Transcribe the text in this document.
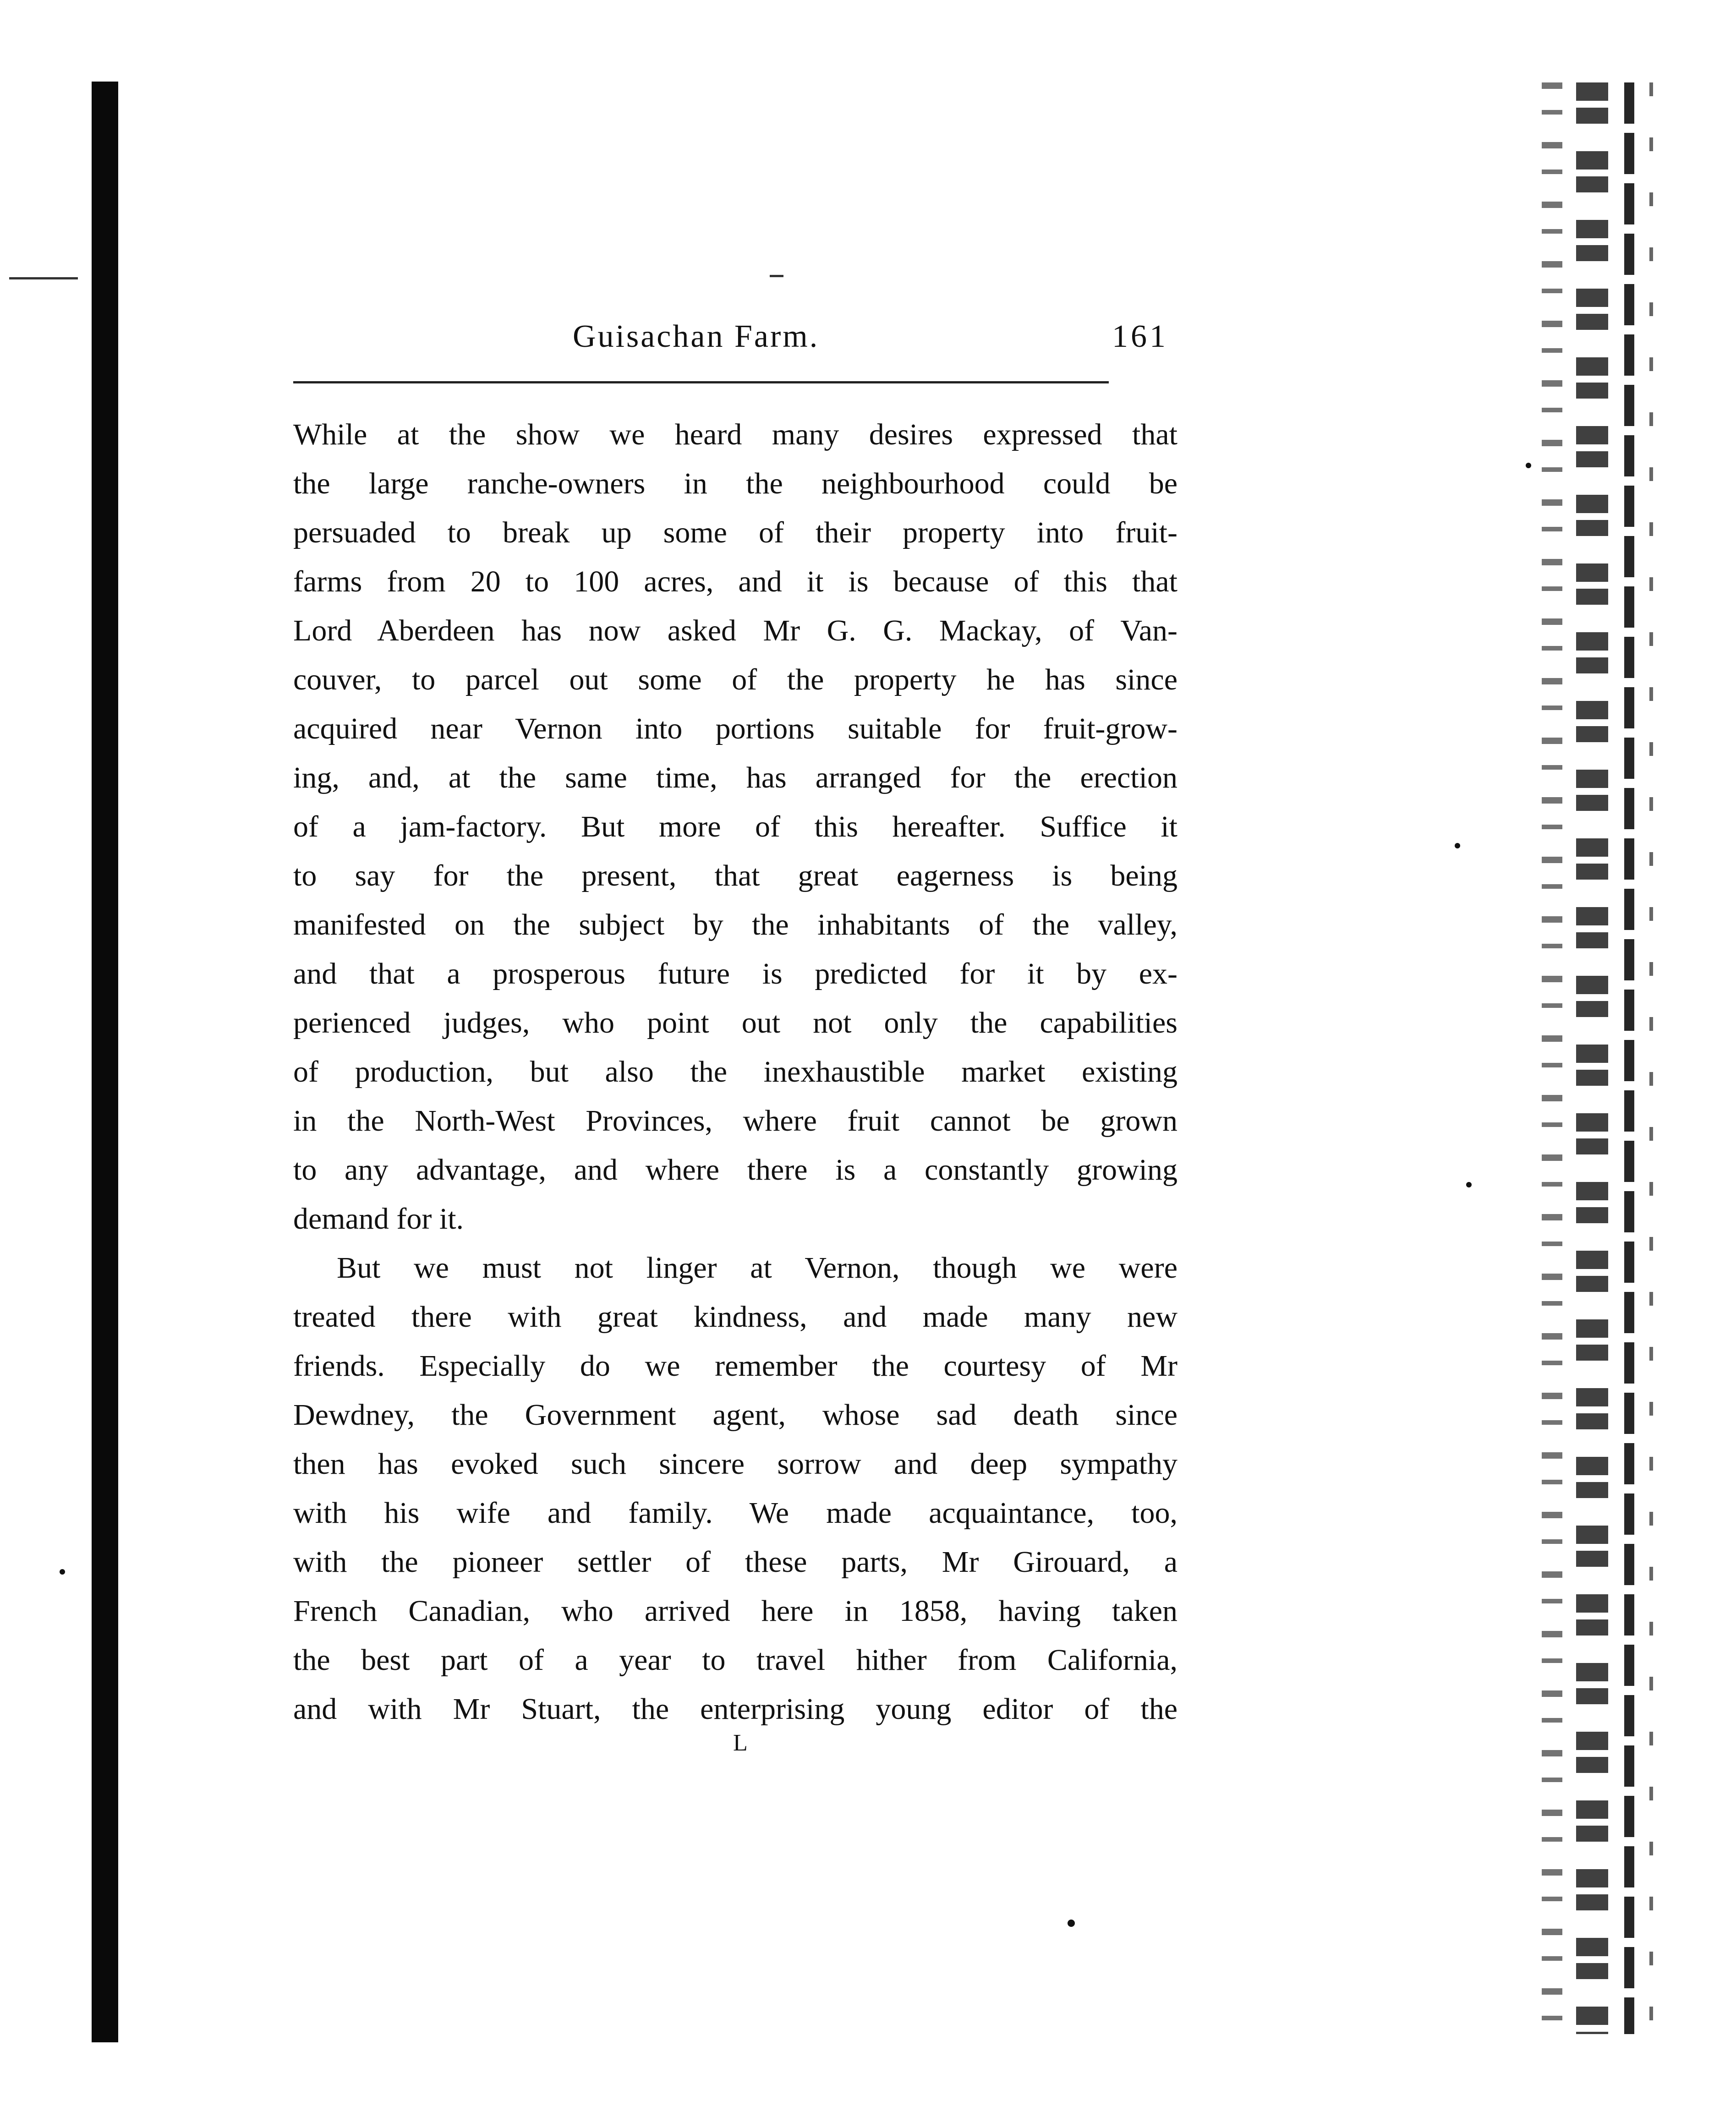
Guisachan Farm.	161
While at the show we heard many desires expressed that
the large ranche-owners in the neighbourhood could be
persuaded to break up some of their property into fruit-
farms from 20 to 100 acres, and it is because of this that
Lord Aberdeen has now asked Mr G. G. Mackay, of Van-
couver, to parcel out some of the property he has since
acquired near Vernon into portions suitable for fruit-grow-
ing, and, at the same time, has arranged for the erection
of a jam-factory. But more of this hereafter. Suffice it
to say for the present, that great eagerness is being
manifested on the subject by the inhabitants of the valley,
and that a prosperous future is predicted for it by ex-
perienced judges, who point out not only the capabilities
of production, but also the inexhaustible market existing
in the North-West Provinces, where fruit cannot be grown
to any advantage, and where there is a constantly growing
demand for it.
But we must not linger at Vernon, though we were
treated there with great kindness, and made many new
friends. Especially do we remember the courtesy of Mr
Dewdney, the Government agent, whose sad death since
then has evoked such sincere sorrow and deep sympathy
with his wife and family. We made acquaintance, too,
with the pioneer settler of these parts, Mr Girouard, a
French Canadian, who arrived here in 1858, having taken
the best part of a year to travel hither from California,
and with Mr Stuart, the enterprising young editor of the
L
